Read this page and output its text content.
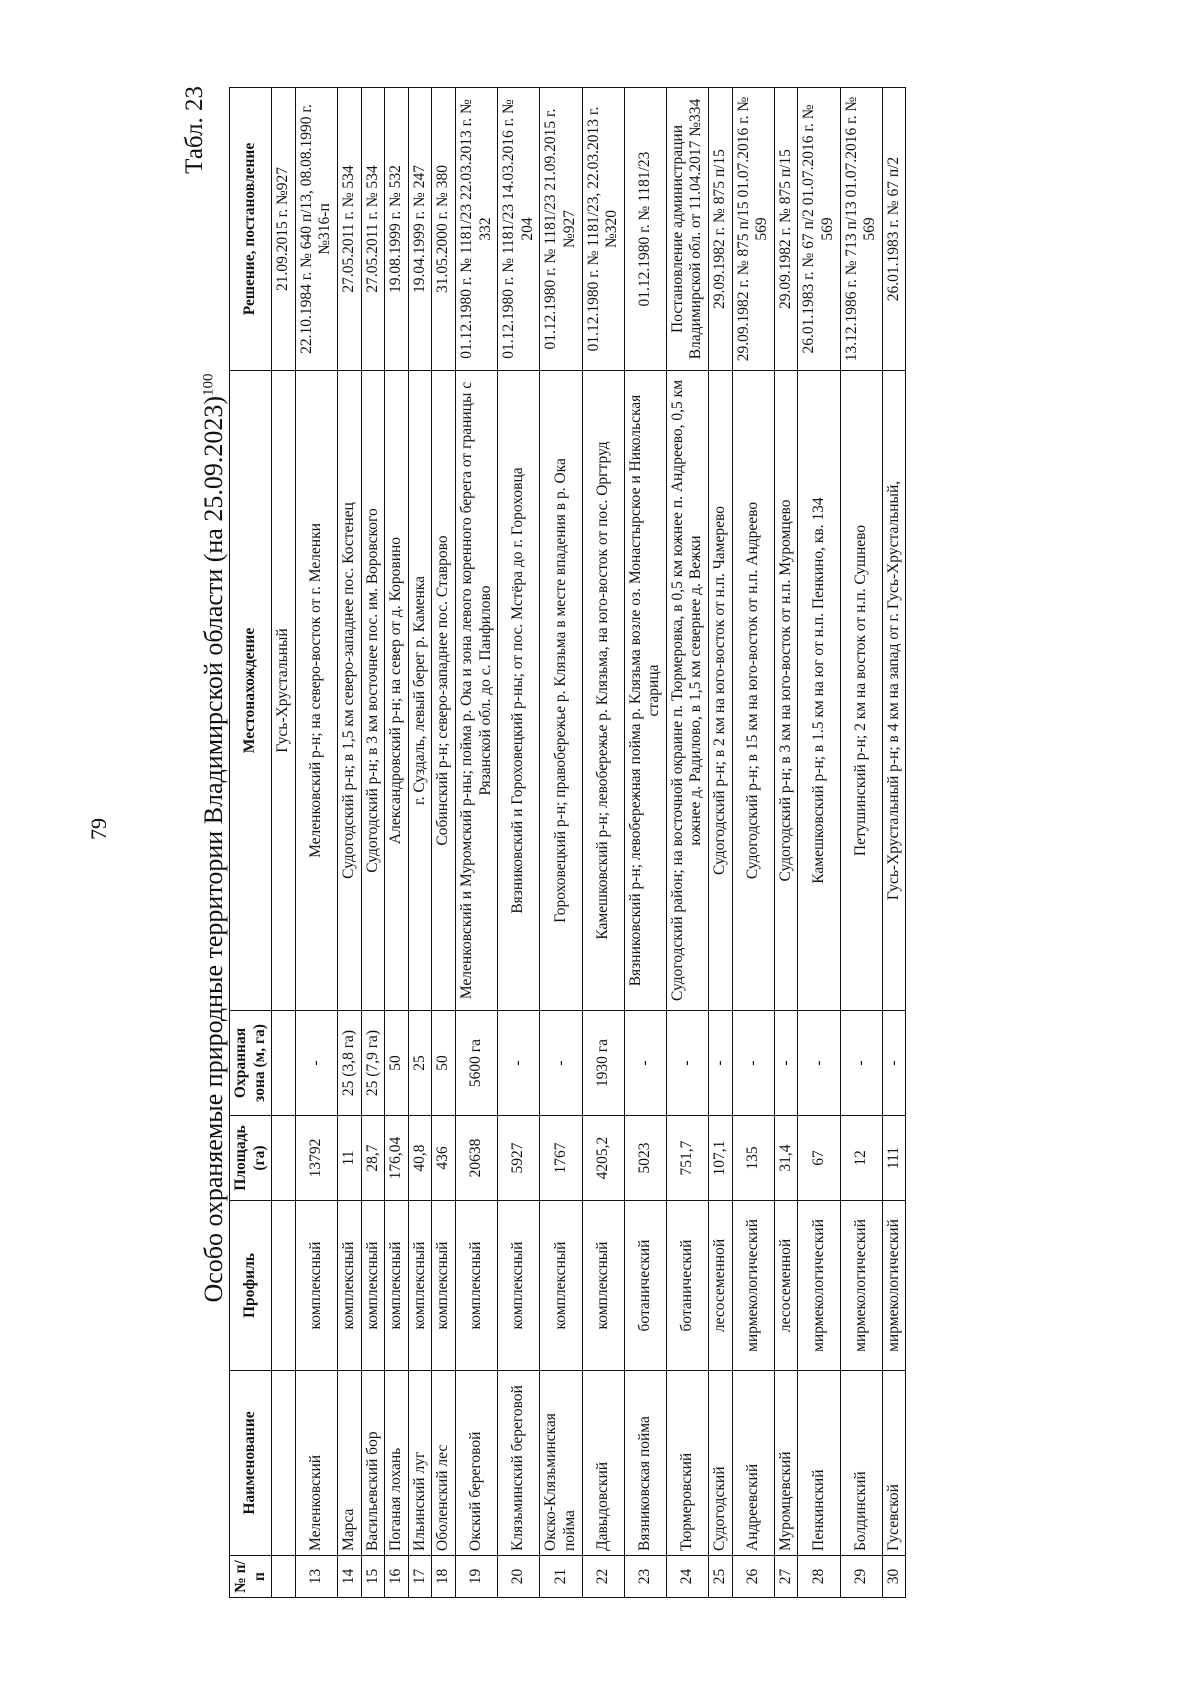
79
Табл. 23
Особо охраняемые природные территории Владимирской области (на 25.09.2023)$^{100}$
№ п/п	Наименование	Профиль	Площадь (га)	Охранная зона (м, га)	Местонахождение	Решение, постановление
					Гусь-Хрустальный	21.09.2015 г. №927
13	Меленковский	комплексный	13792	-	Меленковский р-н; на северо-восток от г. Меленки	22.10.1984 г. № 640 п/13, 08.08.1990 г. №316-п
14	Марса	комплексный	11	25 (3,8 га)	Судогодский р-н; в 1,5 км северо-западнее пос. Костенец	27.05.2011 г. № 534
15	Васильевский бор	комплексный	28,7	25 (7,9 га)	Судогодский р-н; в 3 км восточнее пос. им. Воровского	27.05.2011 г. № 534
16	Поганая лохань	комплексный	176,04	50	Александровский р-н; на север от д. Коровино	19.08.1999 г. № 532
17	Ильинский луг	комплексный	40,8	25	г. Суздаль, левый берег р. Каменка	19.04.1999 г. № 247
18	Оболенский лес	комплексный	436	50	Собинский р-н; северо-западнее пос. Ставрово	31.05.2000 г. № 380
19	Окский береговой	комплексный	20638	5600 га	Меленковский и Муромский р-ны; пойма р. Ока и зона левого коренного берега от границы с Рязанской обл. до с. Панфилово	01.12.1980 г. № 1181/23 22.03.2013 г. № 332
20	Клязьминский береговой	комплексный	5927	-	Вязниковский и Гороховецкий р-ны; от пос. Мстёра до г. Гороховца	01.12.1980 г. № 1181/23 14.03.2016 г. № 204
21	Окско-Клязьминская пойма	комплексный	1767	-	Гороховецкий р-н; правобережье р. Клязьма в месте впадения в р. Ока	01.12.1980 г. № 1181/23 21.09.2015 г. №927
22	Давыдовский	комплексный	4205,2	1930 га	Камешковский р-н; левобережье р. Клязьма, на юго-восток от пос. Оргтруд	01.12.1980 г. № 1181/23, 22.03.2013 г. №320
23	Вязниковская пойма	ботанический	5023	-	Вязниковский р-н; левобережная пойма р. Клязьма возле оз. Монастырское и Никольская старица	01.12.1980 г. № 1181/23
24	Тюрмеровский	ботанический	751,7	-	Судогодский район; на восточной окраине п. Тюрмеровка, в 0,5 км южнее п. Андреево, 0,5 км южнее д. Радилово, в 1,5 км севернее д. Вежки	Постановление администрации Владимирской обл. от 11.04.2017 №334
25	Судогодский	лесосеменной	107,1	-	Судогодский р-н; в 2 км на юго-восток от н.п. Чамерево	29.09.1982 г. № 875 п/15
26	Андреевский	мирмекологический	135	-	Судогодский р-н; в 15 км на юго-восток от н.п. Андреево	29.09.1982 г. № 875 п/15 01.07.2016 г. № 569
27	Муромцевский	лесосеменной	31,4	-	Судогодский р-н; в 3 км на юго-восток от н.п. Муромцево	29.09.1982 г. № 875 п/15
28	Пенкинский	мирмекологический	67	-	Камешковский р-н; в 1.5 км на юг от н.п. Пенкино, кв. 134	26.01.1983 г. № 67 п/2 01.07.2016 г. № 569
29	Болдинский	мирмекологический	12	-	Петушинский р-н; 2 км на восток от н.п. Сушнево	13.12.1986 г. № 713 п/13 01.07.2016 г. № 569
30	Гусевской	мирмекологический	111	-	Гусь-Хрустальный р-н; в 4 км на запад от г. Гусь-Хрустальный,	26.01.1983 г. № 67 п/2
